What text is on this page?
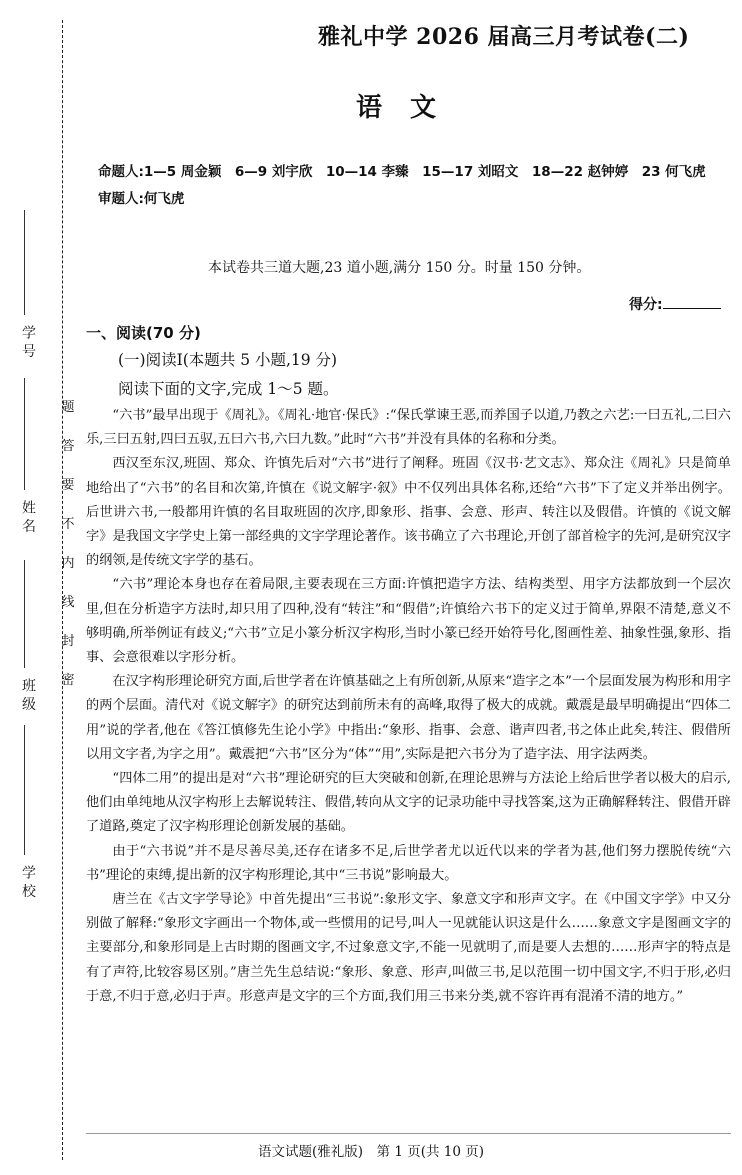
学 校
班 级
姓 名
学 号
题
答
要
不
内
线
封
密
雅礼中学 2026 届高三月考试卷(二)
语文
命题人:1—5 周金颖　6—9 刘宇欣　10—14 李臻　15—17 刘昭文　18—22 赵钟婷　23 何飞虎
审题人:何飞虎
本试卷共三道大题,23 道小题,满分 150 分。时量 150 分钟。
得分:
一、阅读(70 分)
(一)阅读Ⅰ(本题共 5 小题,19 分)
阅读下面的文字,完成 1～5 题。

“六书”最早出现于《周礼》。《周礼·地官·保氏》:“保氏掌谏王恶,而养国子以道,乃教之六艺:一曰五礼,二曰六乐,三曰五射,四曰五驭,五曰六书,六曰九数。”此时“六书”并没有具体的名称和分类。

西汉至东汉,班固、郑众、许慎先后对“六书”进行了阐释。班固《汉书·艺文志》、郑众注《周礼》只是简单地给出了“六书”的名目和次第,许慎在《说文解字·叙》中不仅列出具体名称,还给“六书”下了定义并举出例字。后世讲六书,一般都用许慎的名目取班固的次序,即象形、指事、会意、形声、转注以及假借。许慎的《说文解字》是我国文字学史上第一部经典的文字学理论著作。该书确立了六书理论,开创了部首检字的先河,是研究汉字的纲领,是传统文字学的基石。

“六书”理论本身也存在着局限,主要表现在三方面:许慎把造字方法、结构类型、用字方法都放到一个层次里,但在分析造字方法时,却只用了四种,没有“转注”和“假借”;许慎给六书下的定义过于简单,界限不清楚,意义不够明确,所举例证有歧义;“六书”立足小篆分析汉字构形,当时小篆已经开始符号化,图画性差、抽象性强,象形、指事、会意很难以字形分析。

在汉字构形理论研究方面,后世学者在许慎基础之上有所创新,从原来“造字之本”一个层面发展为构形和用字的两个层面。清代对《说文解字》的研究达到前所未有的高峰,取得了极大的成就。戴震是最早明确提出“四体二用”说的学者,他在《答江慎修先生论小学》中指出:“象形、指事、会意、谐声四者,书之体止此矣,转注、假借所以用文字者,为字之用”。戴震把“六书”区分为“体”“用”,实际是把六书分为了造字法、用字法两类。

“四体二用”的提出是对“六书”理论研究的巨大突破和创新,在理论思辨与方法论上给后世学者以极大的启示,他们由单纯地从汉字构形上去解说转注、假借,转向从文字的记录功能中寻找答案,这为正确解释转注、假借开辟了道路,奠定了汉字构形理论创新发展的基础。

由于“六书说”并不是尽善尽美,还存在诸多不足,后世学者尤以近代以来的学者为甚,他们努力摆脱传统“六书”理论的束缚,提出新的汉字构形理论,其中“三书说”影响最大。

唐兰在《古文字学导论》中首先提出“三书说”:象形文字、象意文字和形声文字。在《中国文字学》中又分别做了解释:“象形文字画出一个物体,或一些惯用的记号,叫人一见就能认识这是什么……象意文字是图画文字的主要部分,和象形同是上古时期的图画文字,不过象意文字,不能一见就明了,而是要人去想的……形声字的特点是有了声符,比较容易区别。”唐兰先生总结说:“象形、象意、形声,叫做三书,足以范围一切中国文字,不归于形,必归于意,不归于意,必归于声。形意声是文字的三个方面,我们用三书来分类,就不容许再有混淆不清的地方。”

语文试题(雅礼版)　第 1 页(共 10 页)
